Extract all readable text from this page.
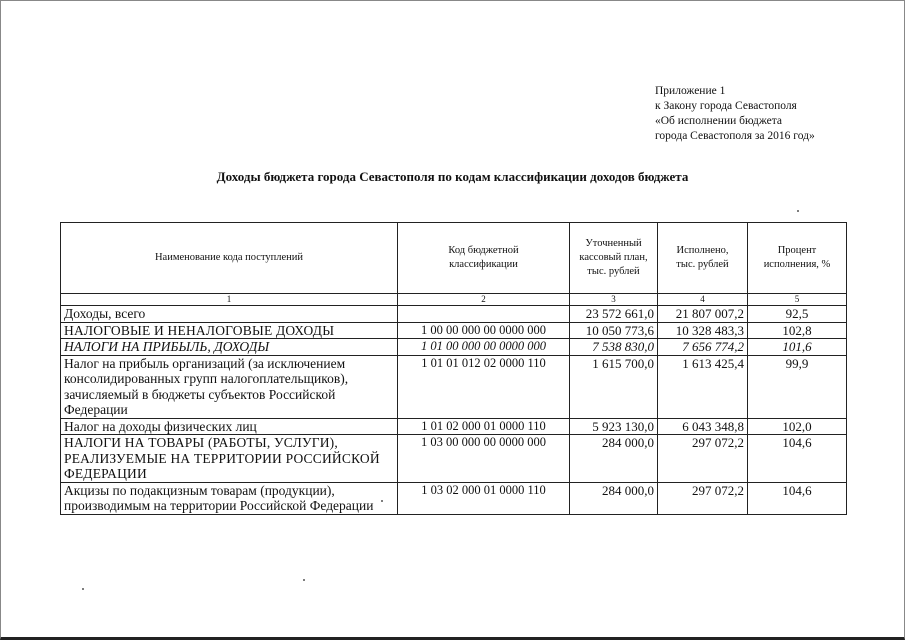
Приложение 1
к Закону города Севастополя
«Об исполнении бюджета
города Севастополя за 2016 год»
Доходы бюджета города Севастополя по кодам классификации доходов бюджета
Наименование кода поступлений	Код бюджетной классификации	Уточненный кассовый план, тыс. рублей	Исполнено, тыс. рублей	Процент исполнения, %
1	2	3	4	5
Доходы, всего		23 572 661,0	21 807 007,2	92,5
НАЛОГОВЫЕ И НЕНАЛОГОВЫЕ ДОХОДЫ	1 00 00 000 00 0000 000	10 050 773,6	10 328 483,3	102,8
НАЛОГИ НА ПРИБЫЛЬ, ДОХОДЫ	1 01 00 000 00 0000 000	7 538 830,0	7 656 774,2	101,6
Налог на прибыль организаций (за исключением консолидированных групп налогоплательщиков), зачисляемый в бюджеты субъектов Российской Федерации	1 01 01 012 02 0000 110	1 615 700,0	1 613 425,4	99,9
Налог на доходы физических лиц	1 01 02 000 01 0000 110	5 923 130,0	6 043 348,8	102,0
НАЛОГИ НА ТОВАРЫ (РАБОТЫ, УСЛУГИ), РЕАЛИЗУЕМЫЕ НА ТЕРРИТОРИИ РОССИЙСКОЙ ФЕДЕРАЦИИ	1 03 00 000 00 0000 000	284 000,0	297 072,2	104,6
Акцизы по подакцизным товарам (продукции), производимым на территории Российской Федерации	1 03 02 000 01 0000 110	284 000,0	297 072,2	104,6
